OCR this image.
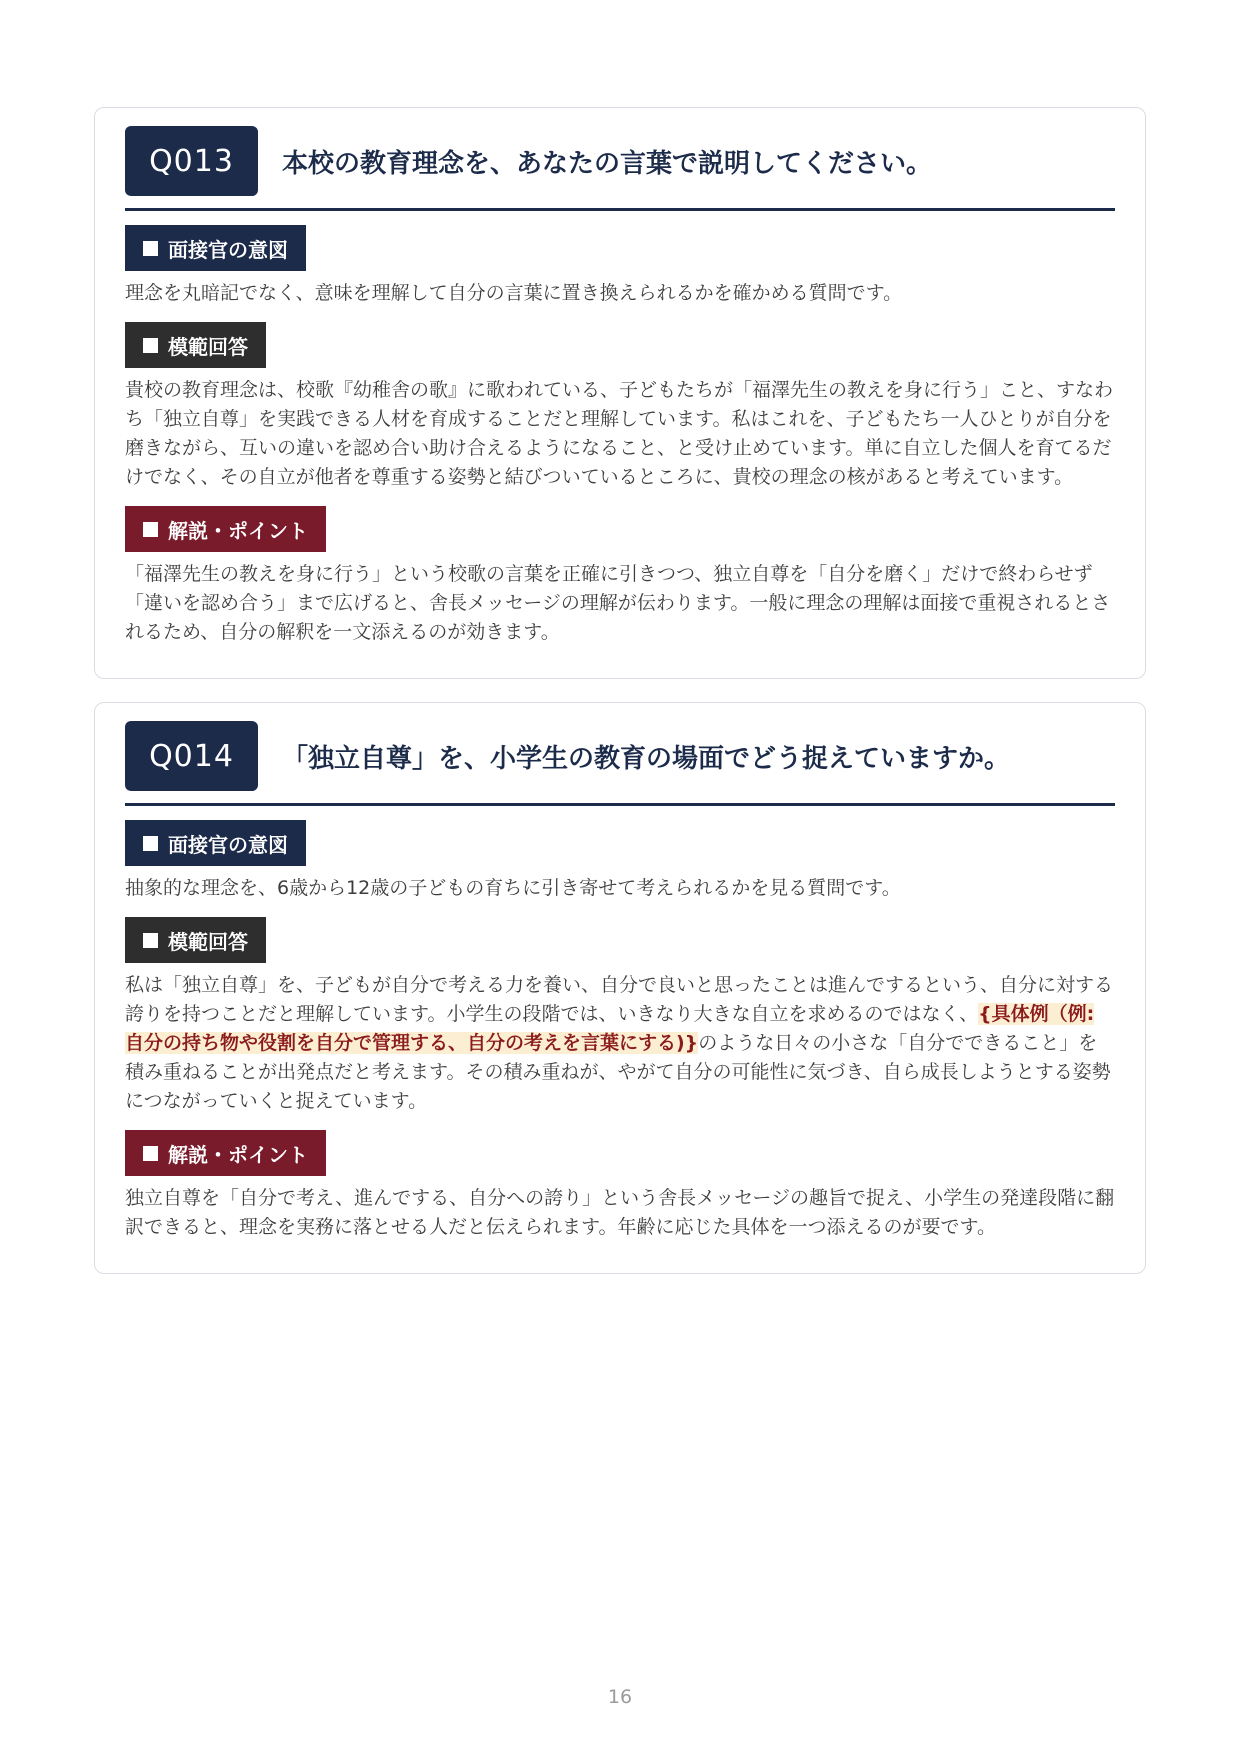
Q013	本校の教育理念を、あなたの言葉で説明してください。
面接官の意図
理念を丸暗記でなく、意味を理解して自分の言葉に置き換えられるかを確かめる質問です。
模範回答
貴校の教育理念は、校歌『幼稚舎の歌』に歌われている、子どもたちが「福澤先生の教えを身に行う」こと、すなわち「独立自尊」を実践できる人材を育成することだと理解しています。私はこれを、子どもたち一人ひとりが自分を磨きながら、互いの違いを認め合い助け合えるようになること、と受け止めています。単に自立した個人を育てるだけでなく、その自立が他者を尊重する姿勢と結びついているところに、貴校の理念の核があると考えています。
解説・ポイント
「福澤先生の教えを身に行う」という校歌の言葉を正確に引きつつ、独立自尊を「自分を磨く」だけで終わらせず「違いを認め合う」まで広げると、舎長メッセージの理解が伝わります。一般に理念の理解は面接で重視されるとされるため、自分の解釈を一文添えるのが効きます。
Q014	「独立自尊」を、小学生の教育の場面でどう捉えていますか。
面接官の意図
抽象的な理念を、6歳から12歳の子どもの育ちに引き寄せて考えられるかを見る質問です。
模範回答
私は「独立自尊」を、子どもが自分で考える力を養い、自分で良いと思ったことは進んでするという、自分に対する誇りを持つことだと理解しています。小学生の段階では、いきなり大きな自立を求めるのではなく、{具体例（例: 自分の持ち物や役割を自分で管理する、自分の考えを言葉にする)}のような日々の小さな「自分でできること」を積み重ねることが出発点だと考えます。その積み重ねが、やがて自分の可能性に気づき、自ら成長しようとする姿勢につながっていくと捉えています。
解説・ポイント
独立自尊を「自分で考え、進んでする、自分への誇り」という舎長メッセージの趣旨で捉え、小学生の発達段階に翻訳できると、理念を実務に落とせる人だと伝えられます。年齢に応じた具体を一つ添えるのが要です。
16
